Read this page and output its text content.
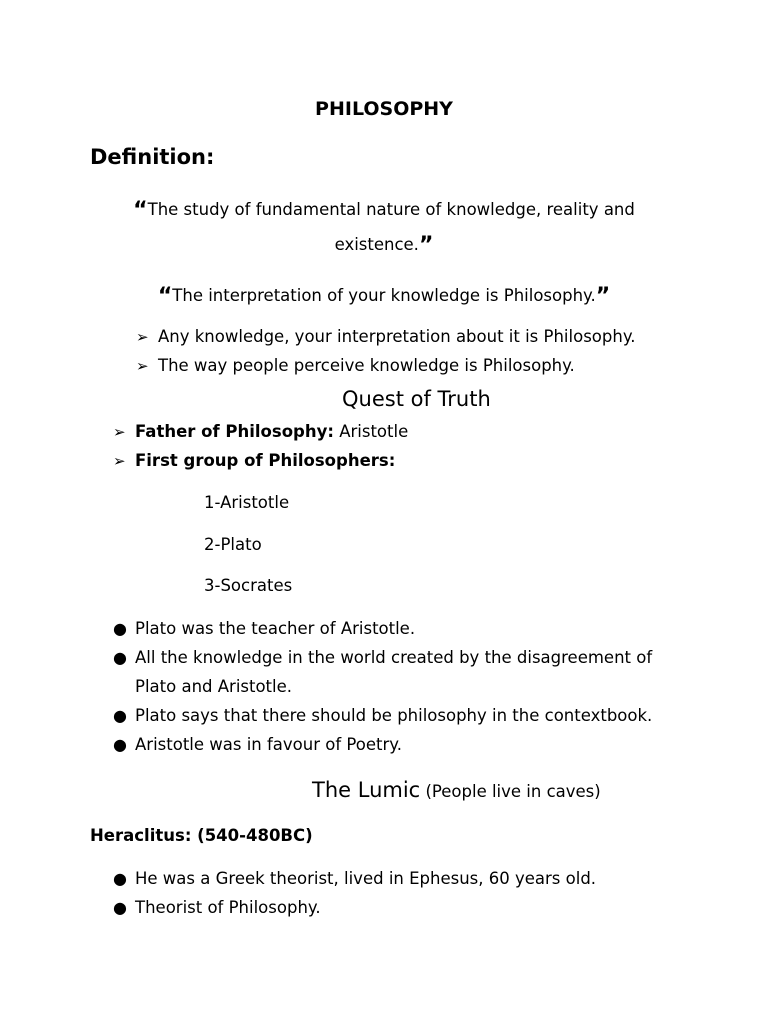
PHILOSOPHY
Definition:
“The study of fundamental nature of knowledge, reality and
existence.”
“The interpretation of your knowledge is Philosophy.”
➢ Any knowledge, your interpretation about it is Philosophy.
➢ The way people perceive knowledge is Philosophy.
Quest of Truth
➢ Father of Philosophy: Aristotle
➢ First group of Philosophers:
1-Aristotle
2-Plato
3-Socrates
● Plato was the teacher of Aristotle.
● All the knowledge in the world created by the disagreement of
Plato and Aristotle.
● Plato says that there should be philosophy in the contextbook.
● Aristotle was in favour of Poetry.
The Lumic (People live in caves)
Heraclitus: (540-480BC)
● He was a Greek theorist, lived in Ephesus, 60 years old.
● Theorist of Philosophy.
